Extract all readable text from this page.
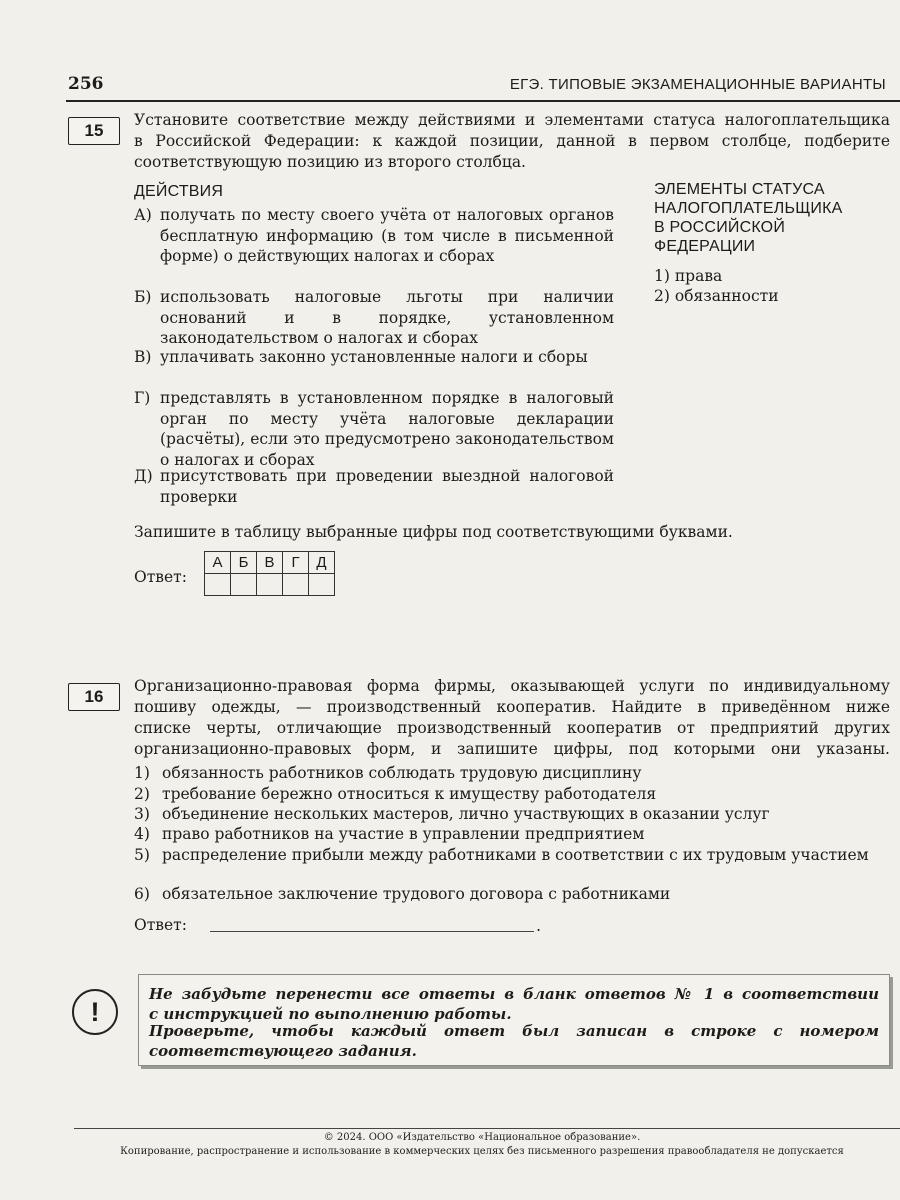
256	ЕГЭ. ТИПОВЫЕ ЭКЗАМЕНАЦИОННЫЕ ВАРИАНТЫ
15
Установите соответствие между действиями и элементами статуса налогоплательщика
в Российской Федерации: к каждой позиции, данной в первом столбце, подберите
соответствующую позицию из второго столбца.
ДЕЙСТВИЯ
А) получать по месту своего учёта от налоговых органов бесплатную информацию (в том числе в письменной форме) о действующих налогах и сборах
Б) использовать налоговые льготы при наличии оснований и в порядке, установленном законодательством о налогах и сборах
В) уплачивать законно установленные налоги и сборы
Г) представлять в установленном порядке в налоговый орган по месту учёта налоговые декларации (расчёты), если это предусмотрено законодательством о налогах и сборах
Д) присутствовать при проведении выездной налоговой проверки
ЭЛЕМЕНТЫ СТАТУСА
НАЛОГОПЛАТЕЛЬЩИКА
В РОССИЙСКОЙ
ФЕДЕРАЦИИ
1) права
2) обязанности
Запишите в таблицу выбранные цифры под соответствующими буквами.
Ответ:
А	Б	В	Г	Д

16
Организационно-правовая форма фирмы, оказывающей услуги по индивидуальному
пошиву одежды, — производственный кооператив. Найдите в приведённом ниже
списке черты, отличающие производственный кооператив от предприятий других
организационно-правовых форм, и запишите цифры, под которыми они указаны.
1) обязанность работников соблюдать трудовую дисциплину
2) требование бережно относиться к имуществу работодателя
3) объединение нескольких мастеров, лично участвующих в оказании услуг
4) право работников на участие в управлении предприятием
5) распределение прибыли между работниками в соответствии с их трудовым участием
6) обязательное заключение трудового договора с работниками
Ответ:	.
!
Не забудьте перенести все ответы в бланк ответов № 1 в соответствии
с инструкцией по выполнению работы.
Проверьте, чтобы каждый ответ был записан в строке с номером
соответствующего задания.
© 2024. ООО «Издательство «Национальное образование».
Копирование, распространение и использование в коммерческих целях без письменного разрешения правообладателя не допускается
